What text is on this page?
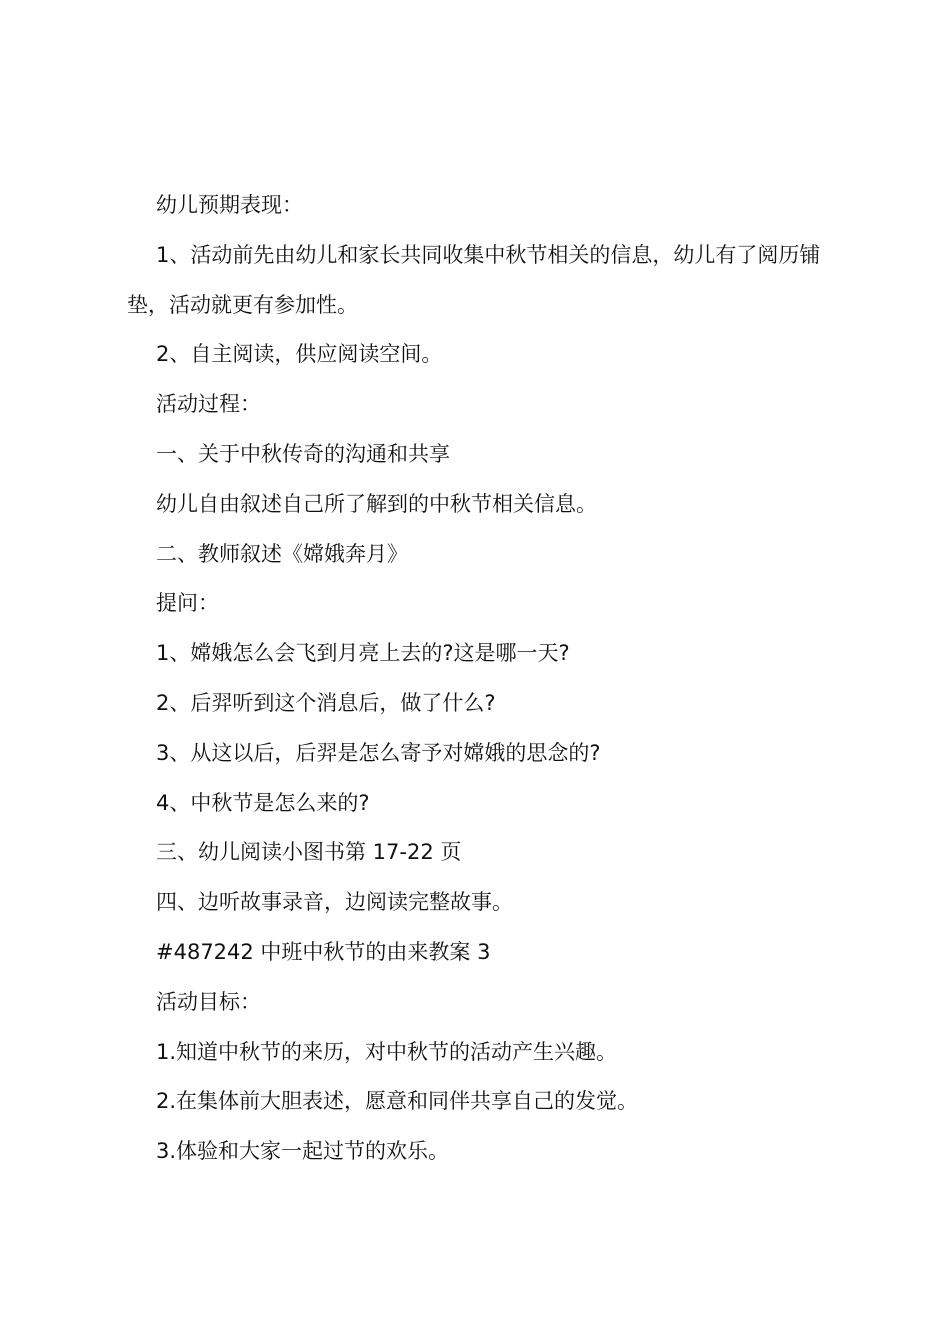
幼儿预期表现：

1、活动前先由幼儿和家长共同收集中秋节相关的信息，幼儿有了阅历铺垫，活动就更有参加性。

2、自主阅读，供应阅读空间。

活动过程：

一、关于中秋传奇的沟通和共享

幼儿自由叙述自己所了解到的中秋节相关信息。

二、教师叙述《嫦娥奔月》

提问：

1、嫦娥怎么会飞到月亮上去的?这是哪一天?

2、后羿听到这个消息后，做了什么?

3、从这以后，后羿是怎么寄予对嫦娥的思念的?

4、中秋节是怎么来的?

三、幼儿阅读小图书第 17-22 页

四、边听故事录音，边阅读完整故事。

#487242 中班中秋节的由来教案 3

活动目标：

1.知道中秋节的来历，对中秋节的活动产生兴趣。

2.在集体前大胆表述，愿意和同伴共享自己的发觉。

3.体验和大家一起过节的欢乐。
